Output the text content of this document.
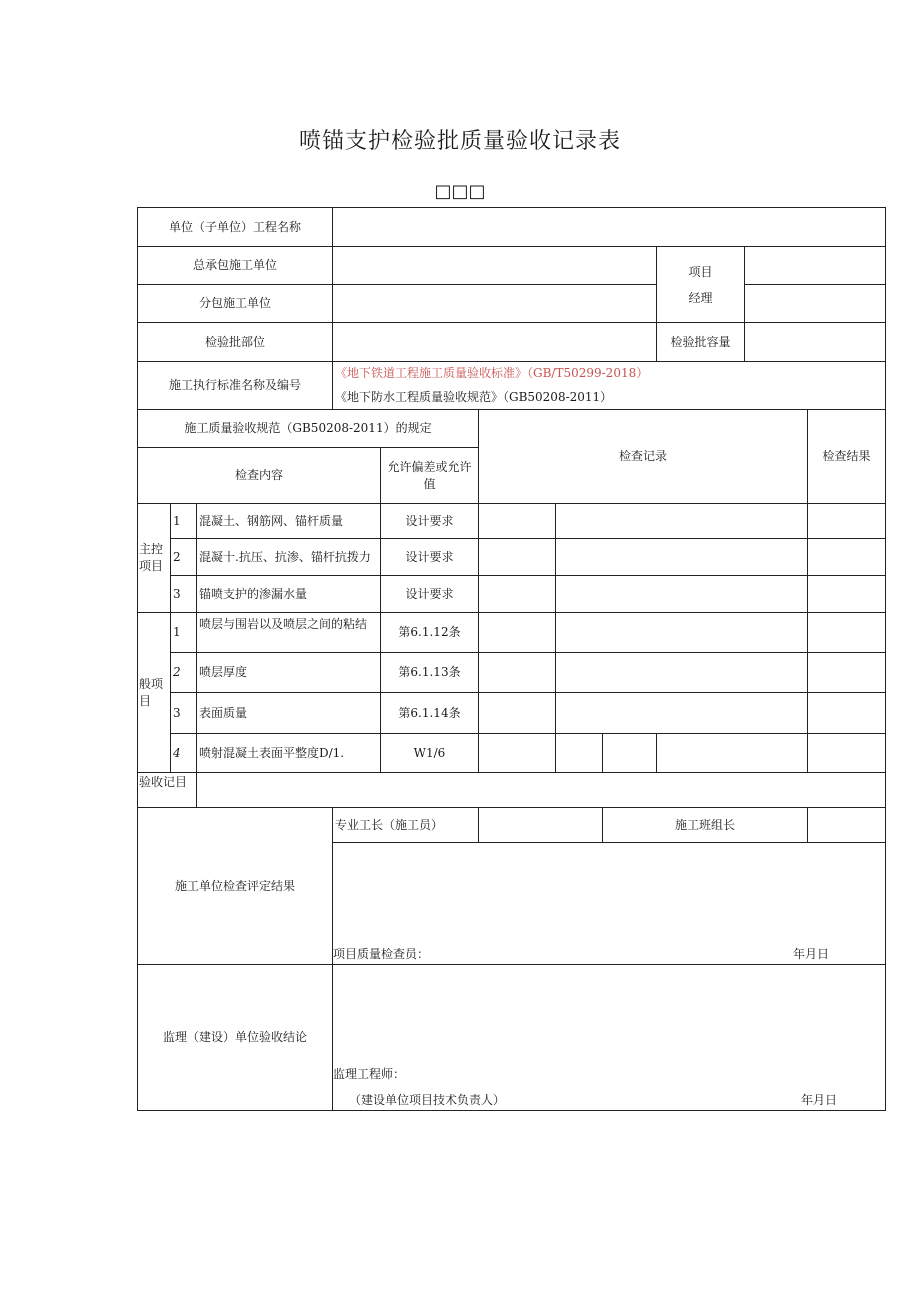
喷锚支护检验批质量验收记录表
□□□
单位（子单位）工程名称										
总承包施工单位								项目
经理		

分包施工单位										
检验批部位								检验批容量		
施工执行标准名称及编号			《地下铁道工程施工质量验收标准》（GB/T50299-2018）
《地下防水工程质量验收规范》（GB50208-2011）							

施工质量验收规范（GB50208-2011）的规定					检查记录					检查结果
检查内容				允许偏差或允许值						
主控项目	1	混凝土、钢筋网、锚杆质量		设计要求						
	2	混凝十.抗压、抗渗、锚杆抗拨力		设计要求						
	3	锚喷支护的渗漏水量		设计要求						
般项目	1	喷层与围岩以及喷层之间的粘结		第6.1.12条						
	2	喷层厚度		第6.1.13条						
	3	表面质量		第6.1.14条						
	4	喷射混凝土表面平整度D/1.		W1/6						
验收记目										
施工单位检查评定结果			专业工长（施工员）				施工班组长			

			项目质量检查员： 年月日							

监理（建设）单位验收结论			监理工程师：
（建设单位项目技术负责人） 年月日							
